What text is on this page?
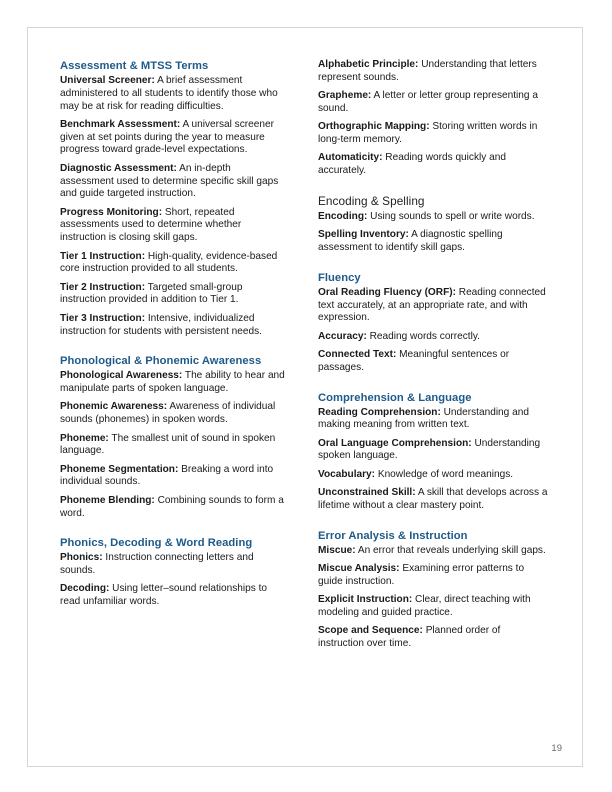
Assessment & MTSS Terms
Universal Screener: A brief assessment administered to all students to identify those who may be at risk for reading difficulties.
Benchmark Assessment: A universal screener given at set points during the year to measure progress toward grade-level expectations.
Diagnostic Assessment: An in-depth assessment used to determine specific skill gaps and guide targeted instruction.
Progress Monitoring: Short, repeated assessments used to determine whether instruction is closing skill gaps.
Tier 1 Instruction: High-quality, evidence-based core instruction provided to all students.
Tier 2 Instruction: Targeted small-group instruction provided in addition to Tier 1.
Tier 3 Instruction: Intensive, individualized instruction for students with persistent needs.
Phonological & Phonemic Awareness
Phonological Awareness: The ability to hear and manipulate parts of spoken language.
Phonemic Awareness: Awareness of individual sounds (phonemes) in spoken words.
Phoneme: The smallest unit of sound in spoken language.
Phoneme Segmentation: Breaking a word into individual sounds.
Phoneme Blending: Combining sounds to form a word.
Phonics, Decoding & Word Reading
Phonics: Instruction connecting letters and sounds.
Decoding: Using letter–sound relationships to read unfamiliar words.
Alphabetic Principle: Understanding that letters represent sounds.
Grapheme: A letter or letter group representing a sound.
Orthographic Mapping: Storing written words in long-term memory.
Automaticity: Reading words quickly and accurately.
Encoding & Spelling
Encoding: Using sounds to spell or write words.
Spelling Inventory: A diagnostic spelling assessment to identify skill gaps.
Fluency
Oral Reading Fluency (ORF): Reading connected text accurately, at an appropriate rate, and with expression.
Accuracy: Reading words correctly.
Connected Text: Meaningful sentences or passages.
Comprehension & Language
Reading Comprehension: Understanding and making meaning from written text.
Oral Language Comprehension: Understanding spoken language.
Vocabulary: Knowledge of word meanings.
Unconstrained Skill: A skill that develops across a lifetime without a clear mastery point.
Error Analysis & Instruction
Miscue: An error that reveals underlying skill gaps.
Miscue Analysis: Examining error patterns to guide instruction.
Explicit Instruction: Clear, direct teaching with modeling and guided practice.
Scope and Sequence: Planned order of instruction over time.
19
